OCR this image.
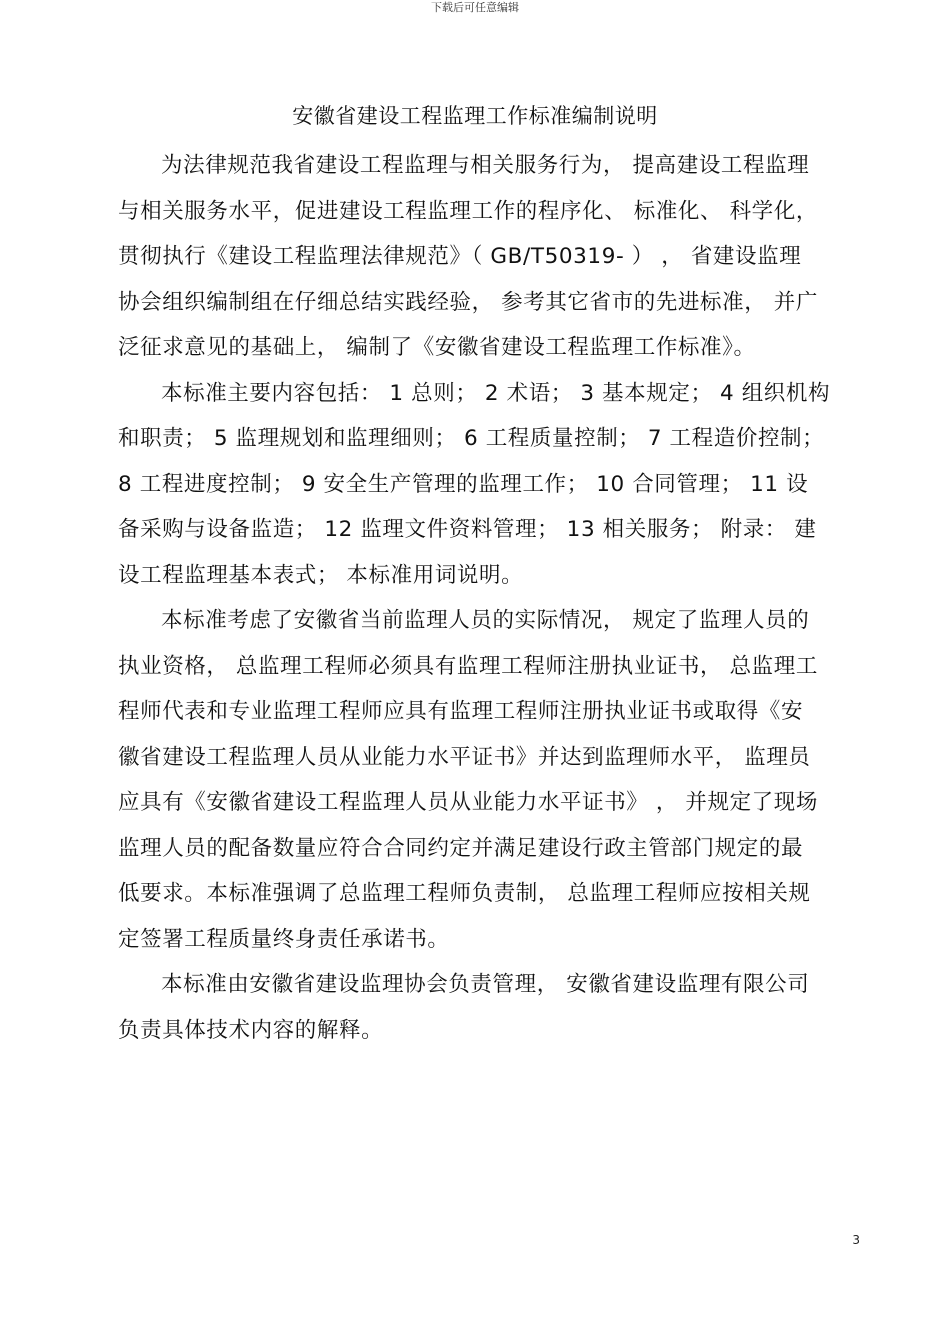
下载后可任意编辑
安徽省建设工程监理工作标准编制说明
为法律规范我省建设工程监理与相关服务行为， 提高建设工程监理
与相关服务水平，促进建设工程监理工作的程序化、 标准化、 科学化，
贯彻执行《建设工程监理法律规范》（ GB/T50319- ） ， 省建设监理
协会组织编制组在仔细总结实践经验， 参考其它省市的先进标准， 并广
泛征求意见的基础上， 编制了《安徽省建设工程监理工作标准》。
本标准主要内容包括： 1 总则； 2 术语； 3 基本规定； 4 组织机构
和职责； 5 监理规划和监理细则； 6 工程质量控制； 7 工程造价控制；
8 工程进度控制； 9 安全生产管理的监理工作； 10 合同管理； 11 设
备采购与设备监造； 12 监理文件资料管理； 13 相关服务； 附录： 建
设工程监理基本表式； 本标准用词说明。
本标准考虑了安徽省当前监理人员的实际情况， 规定了监理人员的
执业资格， 总监理工程师必须具有监理工程师注册执业证书， 总监理工
程师代表和专业监理工程师应具有监理工程师注册执业证书或取得《安
徽省建设工程监理人员从业能力水平证书》并达到监理师水平， 监理员
应具有《安徽省建设工程监理人员从业能力水平证书》 ， 并规定了现场
监理人员的配备数量应符合合同约定并满足建设行政主管部门规定的最
低要求。本标准强调了总监理工程师负责制， 总监理工程师应按相关规
定签署工程质量终身责任承诺书。
本标准由安徽省建设监理协会负责管理， 安徽省建设监理有限公司
负责具体技术内容的解释。
3
